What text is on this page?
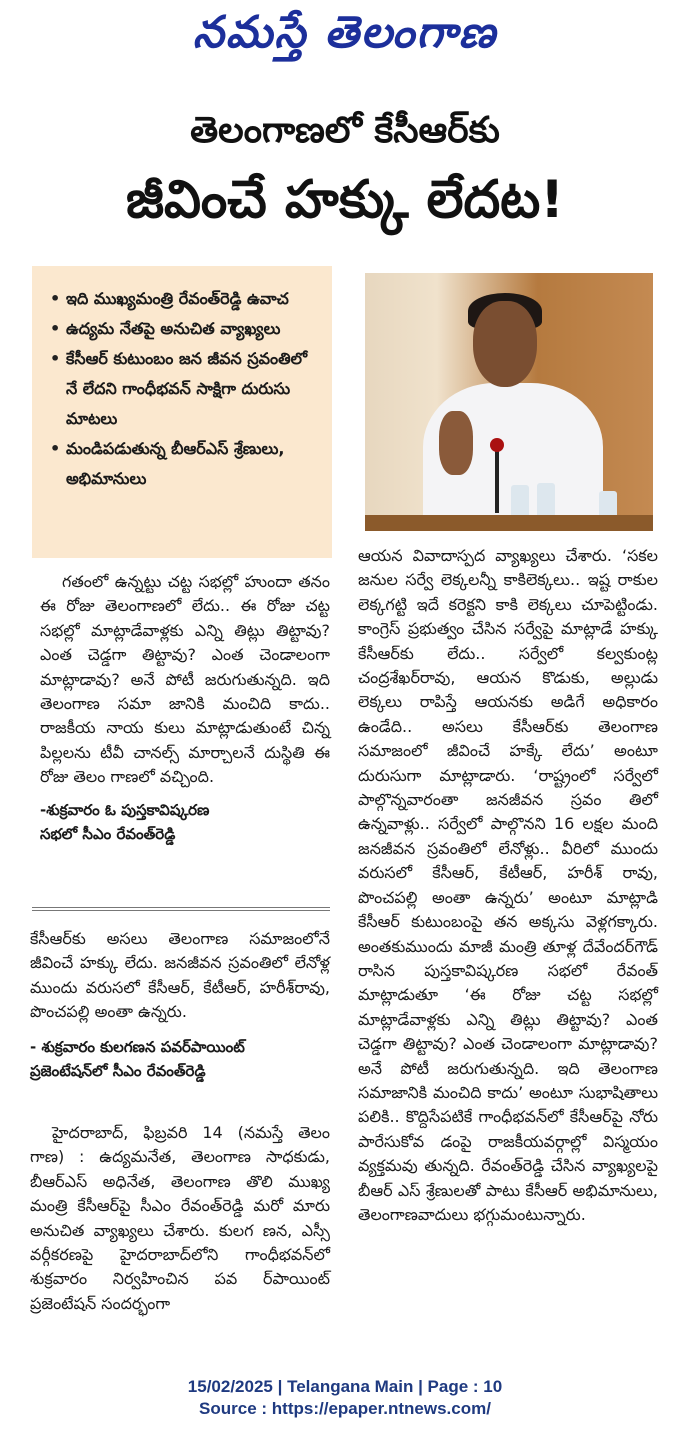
నమస్తే తెలంగాణ
తెలంగాణలో కేసీఆర్‌కు
జీవించే హక్కు లేదట!
• ఇది ముఖ్యమంత్రి రేవంత్‌రెడ్డి ఉవాచ
• ఉద్యమ నేతపై అనుచిత వ్యాఖ్యలు
• కేసీఆర్ కుటుంబం జన జీవన స్రవంతిలో నే లేదని గాంధీభవన్ సాక్షిగా దురుసు మాటలు
• మండిపడుతున్న బీఆర్‌ఎస్ శ్రేణులు, అభిమానులు

గతంలో ఉన్నట్టు చట్ట సభల్లో హుందా తనం ఈ రోజు తెలంగాణలో లేదు.. ఈ రోజు చట్ట సభల్లో మాట్లాడేవాళ్లకు ఎన్ని తిట్లు తిట్టావు? ఎంత చెడ్డగా తిట్టావు? ఎంత చెండాలంగా మాట్లాడావు? అనే పోటీ జరుగుతున్నది. ఇది తెలంగాణ సమా జానికి మంచిది కాదు.. రాజకీయ నాయ కులు మాట్లాడుతుంటే చిన్న పిల్లలను టీవీ చానల్స్ మార్చాలనే దుస్థితి ఈ రోజు తెలం గాణలో వచ్చింది.

-శుక్రవారం ఓ పుస్తకావిష్కరణ

సభలో సీఎం రేవంత్‌రెడ్డి

కేసీఆర్‌కు అసలు తెలంగాణ సమాజంలోనే జీవించే హక్కు లేదు. జనజీవన స్రవంతిలో లేనోళ్ల ముందు వరుసలో కేసీఆర్, కేటీఆర్, హరీశ్‌రావు, పొంచపల్లి అంతా ఉన్నరు.

- శుక్రవారం కులగణన పవర్‌పాయింట్

ప్రజెంటేషన్‌లో సీఎం రేవంత్‌రెడ్డి

హైదరాబాద్, ఫిబ్రవరి 14 (నమస్తే తెలం గాణ) : ఉద్యమనేత, తెలంగాణ సాధకుడు, బీఆర్‌ఎస్ అధినేత, తెలంగాణ తొలి ముఖ్య మంత్రి కేసీఆర్‌పై సీఎం రేవంత్‌రెడ్డి మరో మారు అనుచిత వ్యాఖ్యలు చేశారు. కులగ ణన, ఎస్సీ వర్గీకరణపై హైదరాబాద్‌లోని గాంధీభవన్‌లో శుక్రవారం నిర్వహించిన పవ ర్‌పాయింట్ ప్రజెంటేషన్ సందర్భంగా

ఆయన వివాదాస్పద వ్యాఖ్యలు చేశారు. ‘సకల జనుల సర్వే లెక్కలన్నీ కాకిలెక్కలు.. ఇష్ట రాకుల లెక్కగట్టి ఇదే కరెక్టని కాకి లెక్కలు చూపెట్టిండు. కాంగ్రెస్ ప్రభుత్వం చేసిన సర్వేపై మాట్లాడే హక్కు కేసీఆర్‌కు లేదు.. సర్వేలో కల్వకుంట్ల చంద్రశేఖర్‌రావు, ఆయన కొడుకు, అల్లుడు లెక్కలు రాపిస్తే ఆయనకు అడిగే అధికారం ఉండేది.. అసలు కేసీఆర్‌కు తెలంగాణ సమాజంలో జీవించే హక్కే లేదు’ అంటూ దురుసుగా మాట్లాడారు. ‘రాష్ట్రంలో సర్వేలో పాల్గొన్నవారంతా జనజీవన స్రవం తిలో ఉన్నవాళ్లు.. సర్వేలో పాల్గొనని 16 లక్షల మంది జనజీవన స్రవంతిలో లేనోళ్లు.. వీరిలో ముందు వరుసలో కేసీఆర్, కేటీఆర్, హరీశ్ రావు, పొంచపల్లి అంతా ఉన్నరు’ అంటూ మాట్లాడి కేసీఆర్ కుటుంబంపై తన అక్కసు వెళ్లగక్కారు. అంతకుముందు మాజీ మంత్రి తూళ్ల దేవేందర్‌గౌడ్ రాసిన పుస్తకావిష్కరణ సభలో రేవంత్ మాట్లాడుతూ ‘ఈ రోజు చట్ట సభల్లో మాట్లాడేవాళ్లకు ఎన్ని తిట్లు తిట్టావు? ఎంత చెడ్డగా తిట్టావు? ఎంత చెండాలంగా మాట్లాడావు? అనే పోటీ జరుగుతున్నది. ఇది తెలంగాణ సమాజానికి మంచిది కాదు’ అంటూ సుభాషితాలు పలికి.. కొద్దిసేపటికే గాంధీభవన్‌లో కేసీఆర్‌పై నోరు పారేసుకోవ డంపై రాజకీయవర్గాల్లో విస్మయం వ్యక్తమవు తున్నది. రేవంత్‌రెడ్డి చేసిన వ్యాఖ్యలపై బీఆర్ ఎస్ శ్రేణులతో పాటు కేసీఆర్ అభిమానులు, తెలంగాణవాదులు భగ్గుమంటున్నారు.

15/02/2025 | Telangana Main | Page : 10
Source : https://epaper.ntnews.com/
